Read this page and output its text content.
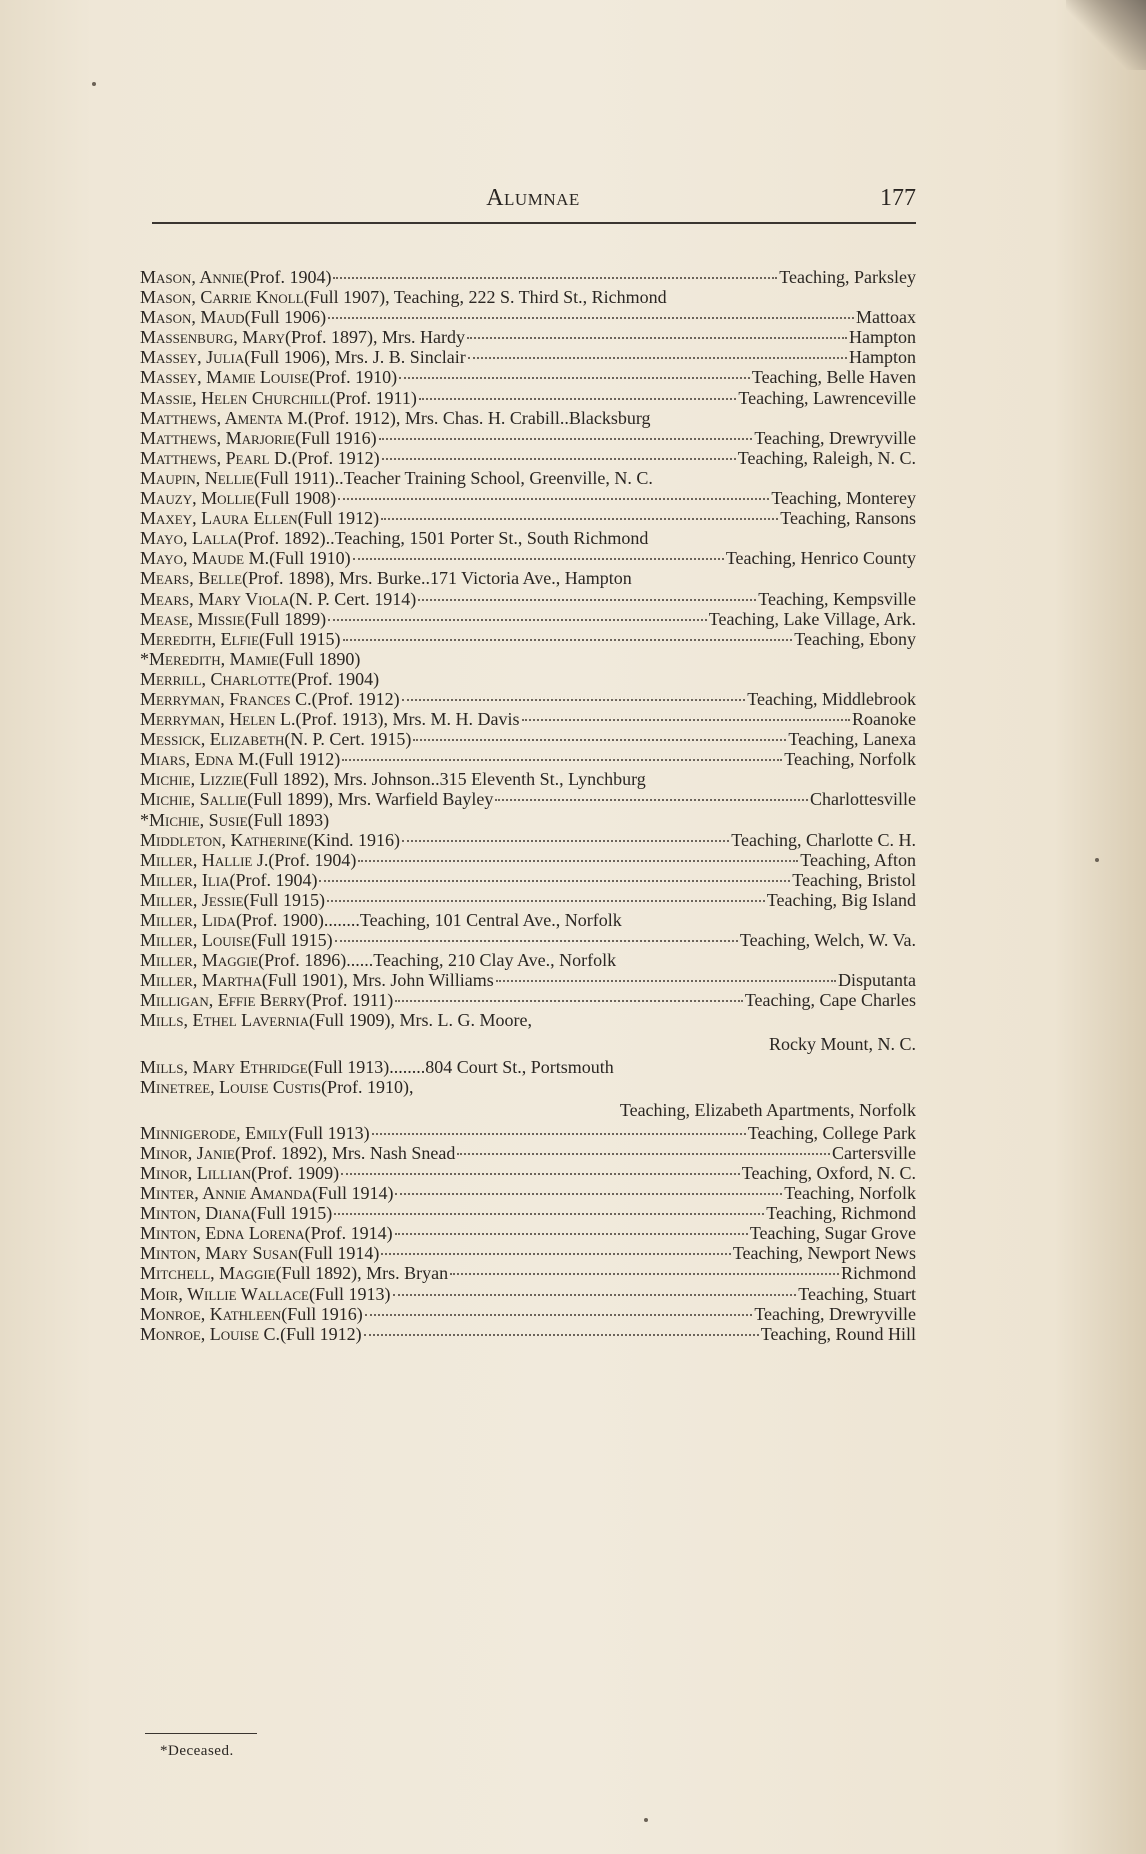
Alumnae	177
Mason, Annie (Prof. 1904)	Teaching, Parksley
Mason, Carrie Knoll (Full 1907), Teaching, 222 S. Third St., Richmond
Mason, Maud (Full 1906)	Mattoax
Massenburg, Mary (Prof. 1897), Mrs. Hardy	Hampton
Massey, Julia (Full 1906), Mrs. J. B. Sinclair	Hampton
Massey, Mamie Louise (Prof. 1910)	Teaching, Belle Haven
Massie, Helen Churchill (Prof. 1911)	Teaching, Lawrenceville
Matthews, Amenta M. (Prof. 1912), Mrs. Chas. H. Crabill..Blacksburg
Matthews, Marjorie (Full 1916)	Teaching, Drewryville
Matthews, Pearl D. (Prof. 1912)	Teaching, Raleigh, N. C.
Maupin, Nellie (Full 1911)..Teacher Training School, Greenville, N. C.
Mauzy, Mollie (Full 1908)	Teaching, Monterey
Maxey, Laura Ellen (Full 1912)	Teaching, Ransons
Mayo, Lalla (Prof. 1892)..Teaching, 1501 Porter St., South Richmond
Mayo, Maude M. (Full 1910)	Teaching, Henrico County
Mears, Belle (Prof. 1898), Mrs. Burke..171 Victoria Ave., Hampton
Mears, Mary Viola (N. P. Cert. 1914)	Teaching, Kempsville
Mease, Missie (Full 1899)	Teaching, Lake Village, Ark.
Meredith, Elfie (Full 1915)	Teaching, Ebony
*Meredith, Mamie (Full 1890)
Merrill, Charlotte (Prof. 1904)
Merryman, Frances C. (Prof. 1912)	Teaching, Middlebrook
Merryman, Helen L. (Prof. 1913), Mrs. M. H. Davis	Roanoke
Messick, Elizabeth (N. P. Cert. 1915)	Teaching, Lanexa
Miars, Edna M. (Full 1912)	Teaching, Norfolk
Michie, Lizzie (Full 1892), Mrs. Johnson..315 Eleventh St., Lynchburg
Michie, Sallie (Full 1899), Mrs. Warfield Bayley	Charlottesville
*Michie, Susie (Full 1893)
Middleton, Katherine (Kind. 1916)	Teaching, Charlotte C. H.
Miller, Hallie J. (Prof. 1904)	Teaching, Afton
Miller, Ilia (Prof. 1904)	Teaching, Bristol
Miller, Jessie (Full 1915)	Teaching, Big Island
Miller, Lida (Prof. 1900)........Teaching, 101 Central Ave., Norfolk
Miller, Louise (Full 1915)	Teaching, Welch, W. Va.
Miller, Maggie (Prof. 1896)......Teaching, 210 Clay Ave., Norfolk
Miller, Martha (Full 1901), Mrs. John Williams	Disputanta
Milligan, Effie Berry (Prof. 1911)	Teaching, Cape Charles
Mills, Ethel Lavernia (Full 1909), Mrs. L. G. Moore,
Rocky Mount, N. C.
Mills, Mary Ethridge (Full 1913)........804 Court St., Portsmouth
Minetree, Louise Custis (Prof. 1910),
Teaching, Elizabeth Apartments, Norfolk
Minnigerode, Emily (Full 1913)	Teaching, College Park
Minor, Janie (Prof. 1892), Mrs. Nash Snead	Cartersville
Minor, Lillian (Prof. 1909)	Teaching, Oxford, N. C.
Minter, Annie Amanda (Full 1914)	Teaching, Norfolk
Minton, Diana (Full 1915)	Teaching, Richmond
Minton, Edna Lorena (Prof. 1914)	Teaching, Sugar Grove
Minton, Mary Susan (Full 1914)	Teaching, Newport News
Mitchell, Maggie (Full 1892), Mrs. Bryan	Richmond
Moir, Willie Wallace (Full 1913)	Teaching, Stuart
Monroe, Kathleen (Full 1916)	Teaching, Drewryville
Monroe, Louise C. (Full 1912)	Teaching, Round Hill
*Deceased.
